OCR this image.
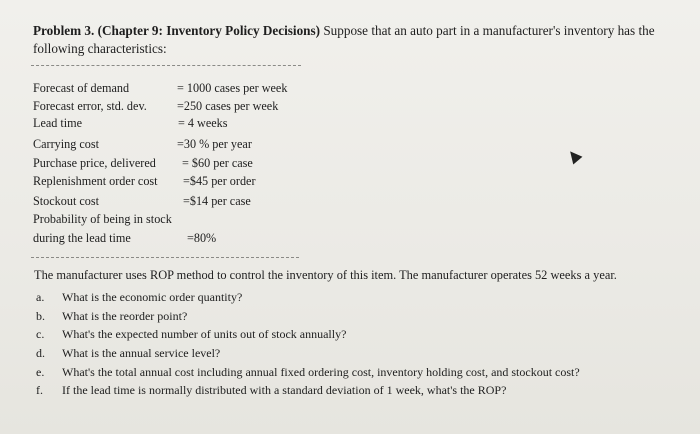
Problem 3. (Chapter 9: Inventory Policy Decisions) Suppose that an auto part in a manufacturer's inventory has the
following characteristics:
Forecast of demand	= 1000 cases per week
Forecast error, std. dev. =250 cases per week
Lead time	= 4 weeks
Carrying cost	=30 % per year
Purchase price, delivered = $60 per case
Replenishment order cost =$45 per order
Stockout cost	=$14 per case
Probability of being in stock
during the lead time	=80%
The manufacturer uses ROP method to control the inventory of this item. The manufacturer operates 52 weeks a year.
a. What is the economic order quantity?
b. What is the reorder point?
c. What's the expected number of units out of stock annually?
d. What is the annual service level?
e. What's the total annual cost including annual fixed ordering cost, inventory holding cost, and stockout cost?
f. If the lead time is normally distributed with a standard deviation of 1 week, what's the ROP?
